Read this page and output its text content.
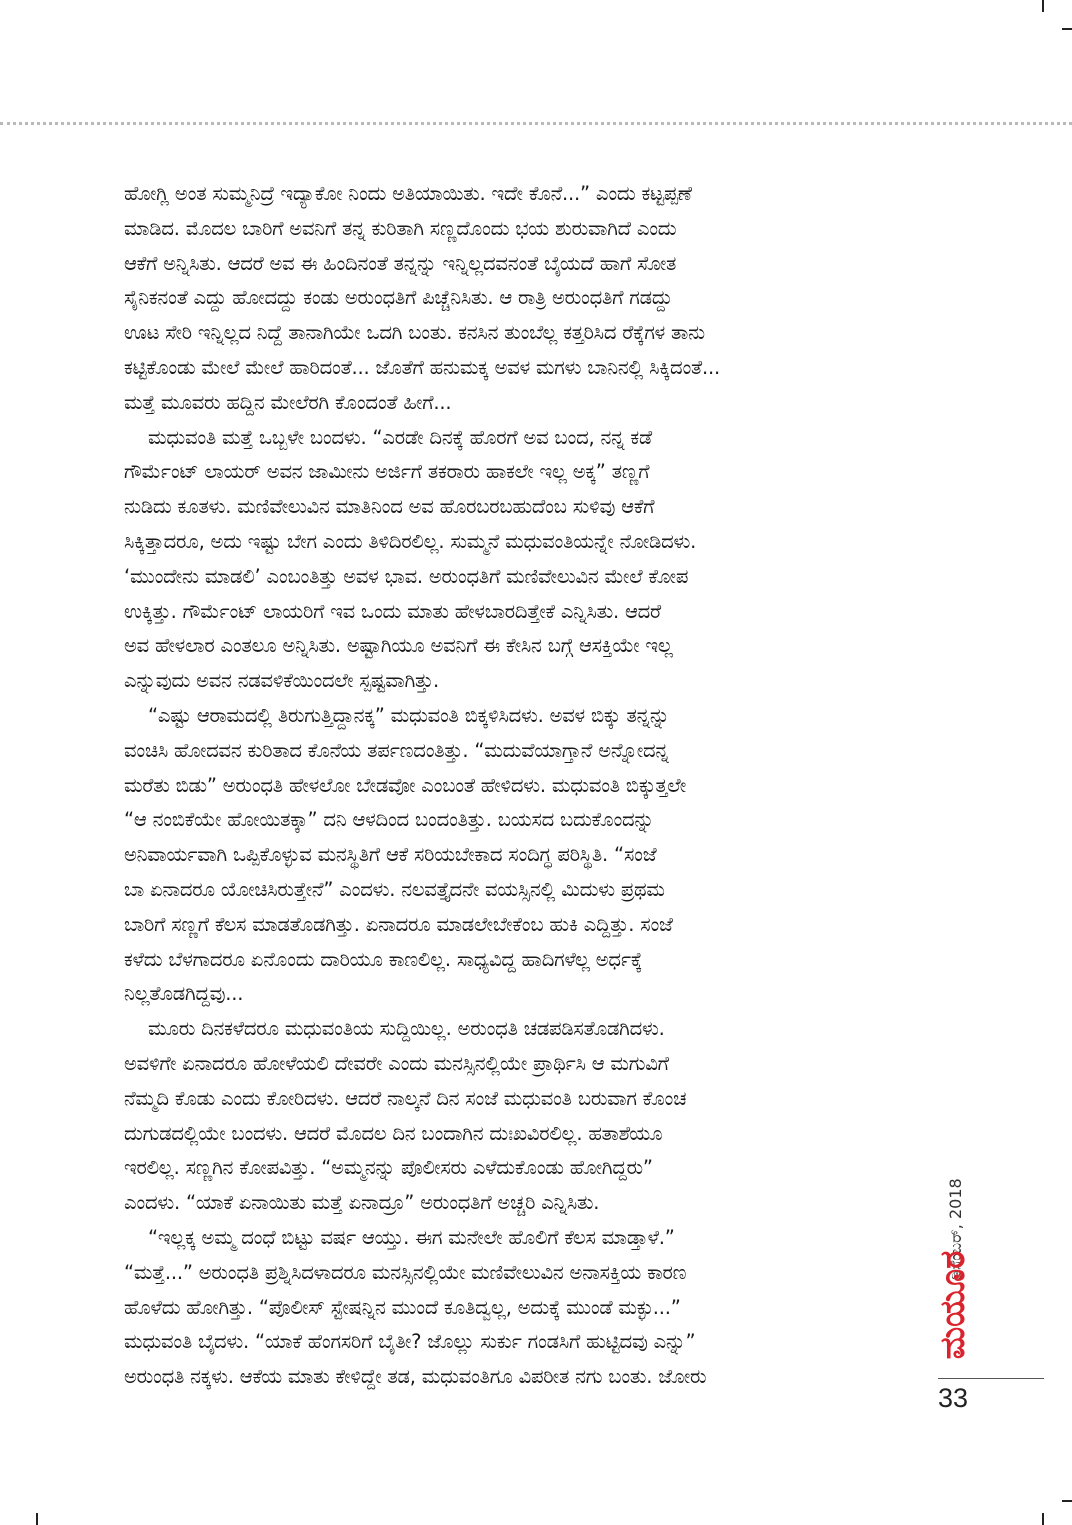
ಹೋಗ್ಲಿ ಅಂತ ಸುಮ್ಮನಿದ್ರೆ ಇದ್ಯಾಕೋ ನಿಂದು ಅತಿಯಾಯಿತು. ಇದೇ ಕೊನೆ...” ಎಂದು ಕಟ್ಟಪ್ಪಣೆ
ಮಾಡಿದ. ಮೊದಲ ಬಾರಿಗೆ ಅವನಿಗೆ ತನ್ನ ಕುರಿತಾಗಿ ಸಣ್ಣದೊಂದು ಭಯ ಶುರುವಾಗಿದೆ ಎಂದು
ಆಕೆಗೆ ಅನ್ನಿಸಿತು. ಆದರೆ ಅವ ಈ ಹಿಂದಿನಂತೆ ತನ್ನನ್ನು ಇನ್ನಿಲ್ಲದವನಂತೆ ಬೈಯದೆ ಹಾಗೆ ಸೋತ
ಸೈನಿಕನಂತೆ ಎದ್ದು ಹೋದದ್ದು ಕಂಡು ಅರುಂಧತಿಗೆ ಪಿಚ್ಚೆನಿಸಿತು. ಆ ರಾತ್ರಿ ಅರುಂಧತಿಗೆ ಗಡದ್ದು
ಊಟ ಸೇರಿ ಇನ್ನಿಲ್ಲದ ನಿದ್ದೆ ತಾನಾಗಿಯೇ ಒದಗಿ ಬಂತು. ಕನಸಿನ ತುಂಬೆಲ್ಲ ಕತ್ತರಿಸಿದ ರೆಕ್ಕೆಗಳ ತಾನು
ಕಟ್ಟಿಕೊಂಡು ಮೇಲೆ ಮೇಲೆ ಹಾರಿದಂತೆ... ಜೊತೆಗೆ ಹನುಮಕ್ಕ ಅವಳ ಮಗಳು ಬಾನಿನಲ್ಲಿ ಸಿಕ್ಕಿದಂತೆ...
ಮತ್ತೆ ಮೂವರು ಹದ್ದಿನ ಮೇಲೆರಗಿ ಕೊಂದಂತೆ ಹೀಗೆ...
ಮಧುವಂತಿ ಮತ್ತೆ ಒಬ್ಬಳೇ ಬಂದಳು. “ಎರಡೇ ದಿನಕ್ಕೆ ಹೊರಗೆ ಅವ ಬಂದ, ನನ್ನ ಕಡೆ
ಗೌರ್ಮೆಂಟ್ ಲಾಯರ್ ಅವನ ಜಾಮೀನು ಅರ್ಜಿಗೆ ತಕರಾರು ಹಾಕಲೇ ಇಲ್ಲ ಅಕ್ಕ” ತಣ್ಣಗೆ
ನುಡಿದು ಕೂತಳು. ಮಣಿವೇಲುವಿನ ಮಾತಿನಿಂದ ಅವ ಹೊರಬರಬಹುದೆಂಬ ಸುಳಿವು ಆಕೆಗೆ
ಸಿಕ್ಕಿತ್ತಾದರೂ, ಅದು ಇಷ್ಟು ಬೇಗ ಎಂದು ತಿಳಿದಿರಲಿಲ್ಲ. ಸುಮ್ಮನೆ ಮಧುವಂತಿಯನ್ನೇ ನೋಡಿದಳು.
‘ಮುಂದೇನು ಮಾಡಲಿ’ ಎಂಬಂತಿತ್ತು ಅವಳ ಭಾವ. ಅರುಂಧತಿಗೆ ಮಣಿವೇಲುವಿನ ಮೇಲೆ ಕೋಪ
ಉಕ್ಕಿತ್ತು. ಗೌರ್ಮೆಂಟ್ ಲಾಯರಿಗೆ ಇವ ಒಂದು ಮಾತು ಹೇಳಬಾರದಿತ್ತೇಕೆ ಎನ್ನಿಸಿತು. ಆದರೆ
ಅವ ಹೇಳಲಾರ ಎಂತಲೂ ಅನ್ನಿಸಿತು. ಅಷ್ಟಾಗಿಯೂ ಅವನಿಗೆ ಈ ಕೇಸಿನ ಬಗ್ಗೆ ಆಸಕ್ತಿಯೇ ಇಲ್ಲ
ಎನ್ನುವುದು ಅವನ ನಡವಳಿಕೆಯಿಂದಲೇ ಸ್ಪಷ್ಟವಾಗಿತ್ತು.
“ಎಷ್ಟು ಆರಾಮದಲ್ಲಿ ತಿರುಗುತ್ತಿದ್ದಾನಕ್ಕ” ಮಧುವಂತಿ ಬಿಕ್ಕಳಿಸಿದಳು. ಅವಳ ಬಿಕ್ಕು ತನ್ನನ್ನು
ವಂಚಿಸಿ ಹೋದವನ ಕುರಿತಾದ ಕೊನೆಯ ತರ್ಪಣದಂತಿತ್ತು. “ಮದುವೆಯಾಗ್ತಾನೆ ಅನ್ನೋದನ್ನ
ಮರೆತು ಬಿಡು” ಅರುಂಧತಿ ಹೇಳಲೋ ಬೇಡವೋ ಎಂಬಂತೆ ಹೇಳಿದಳು. ಮಧುವಂತಿ ಬಿಕ್ಕುತ್ತಲೇ
“ಆ ನಂಬಿಕೆಯೇ ಹೋಯಿತಕ್ಕಾ” ದನಿ ಆಳದಿಂದ ಬಂದಂತಿತ್ತು. ಬಯಸದ ಬದುಕೊಂದನ್ನು
ಅನಿವಾರ್ಯವಾಗಿ ಒಪ್ಪಿಕೊಳ್ಳುವ ಮನಸ್ಥಿತಿಗೆ ಆಕೆ ಸರಿಯಬೇಕಾದ ಸಂದಿಗ್ಧ ಪರಿಸ್ಥಿತಿ. “ಸಂಜೆ
ಬಾ ಏನಾದರೂ ಯೋಚಿಸಿರುತ್ತೇನೆ” ಎಂದಳು. ನಲವತ್ತೈದನೇ ವಯಸ್ಸಿನಲ್ಲಿ ಮಿದುಳು ಪ್ರಥಮ
ಬಾರಿಗೆ ಸಣ್ಣಗೆ ಕೆಲಸ ಮಾಡತೊಡಗಿತ್ತು. ಏನಾದರೂ ಮಾಡಲೇಬೇಕೆಂಬ ಹುಕಿ ಎದ್ದಿತ್ತು. ಸಂಜೆ
ಕಳೆದು ಬೆಳಗಾದರೂ ಏನೊಂದು ದಾರಿಯೂ ಕಾಣಲಿಲ್ಲ. ಸಾಧ್ಯವಿದ್ದ ಹಾದಿಗಳೆಲ್ಲ ಅರ್ಧಕ್ಕೆ
ನಿಲ್ಲತೊಡಗಿದ್ದವು...
ಮೂರು ದಿನಕಳೆದರೂ ಮಧುವಂತಿಯ ಸುದ್ದಿಯಿಲ್ಲ. ಅರುಂಧತಿ ಚಡಪಡಿಸತೊಡಗಿದಳು.
ಅವಳಿಗೇ ಏನಾದರೂ ಹೋಳೆಯಲಿ ದೇವರೇ ಎಂದು ಮನಸ್ಸಿನಲ್ಲಿಯೇ ಪ್ರಾರ್ಥಿಸಿ ಆ ಮಗುವಿಗೆ
ನೆಮ್ಮದಿ ಕೊಡು ಎಂದು ಕೋರಿದಳು. ಆದರೆ ನಾಲ್ಕನೆ ದಿನ ಸಂಜೆ ಮಧುವಂತಿ ಬರುವಾಗ ಕೊಂಚ
ದುಗುಡದಲ್ಲಿಯೇ ಬಂದಳು. ಆದರೆ ಮೊದಲ ದಿನ ಬಂದಾಗಿನ ದುಃಖವಿರಲಿಲ್ಲ. ಹತಾಶೆಯೂ
ಇರಲಿಲ್ಲ. ಸಣ್ಣಗಿನ ಕೋಪವಿತ್ತು. “ಅಮ್ಮನನ್ನು ಪೊಲೀಸರು ಎಳೆದುಕೊಂಡು ಹೋಗಿದ್ದರು”
ಎಂದಳು. “ಯಾಕೆ ಏನಾಯಿತು ಮತ್ತೆ ಏನಾದ್ರೂ” ಅರುಂಧತಿಗೆ ಅಚ್ಚರಿ ಎನ್ನಿಸಿತು.
“ಇಲ್ಲಕ್ಕ ಅಮ್ಮ ದಂಧೆ ಬಿಟ್ಟು ವರ್ಷ ಆಯ್ತು. ಈಗ ಮನೇಲೇ ಹೊಲಿಗೆ ಕೆಲಸ ಮಾಡ್ತಾಳೆ.”
“ಮತ್ತೆ...” ಅರುಂಧತಿ ಪ್ರಶ್ನಿಸಿದಳಾದರೂ ಮನಸ್ಸಿನಲ್ಲಿಯೇ ಮಣಿವೇಲುವಿನ ಅನಾಸಕ್ತಿಯ ಕಾರಣ
ಹೊಳೆದು ಹೋಗಿತ್ತು. “ಪೊಲೀಸ್ ಸ್ಟೇಷನ್ನಿನ ಮುಂದೆ ಕೂತಿದ್ವಲ್ಲ, ಅದುಕ್ಕೆ ಮುಂಡೆ ಮಕ್ಳು...”
ಮಧುವಂತಿ ಬೈದಳು. “ಯಾಕೆ ಹೆಂಗಸರಿಗೆ ಬೈತೀ? ಜೊಲ್ಲು ಸುರ್ಕು ಗಂಡಸಿಗೆ ಹುಟ್ಟಿದವು ಎನ್ನು”
ಅರುಂಧತಿ ನಕ್ಕಳು. ಆಕೆಯ ಮಾತು ಕೇಳಿದ್ದೇ ತಡ, ಮಧುವಂತಿಗೂ ವಿಪರೀತ ನಗು ಬಂತು. ಜೋರು
ಡಿಸೆಂಬರ್, 2018
ಮಯೂರ
33
